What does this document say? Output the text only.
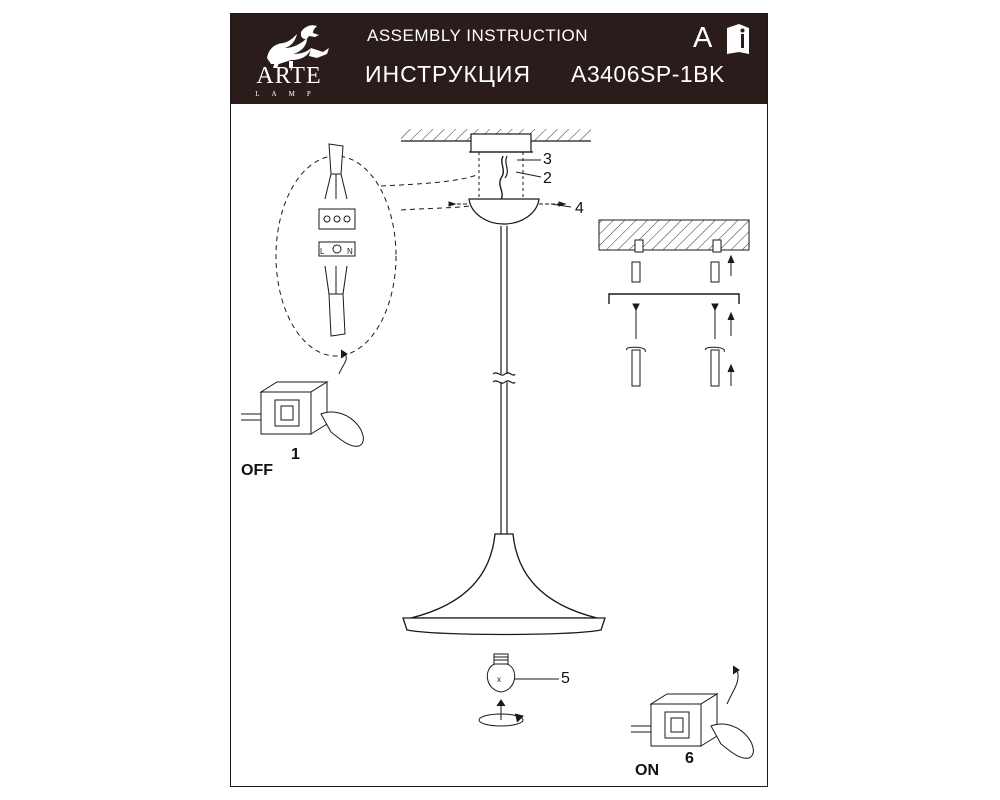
ARTE
LAMP
ASSEMBLY INSTRUCTION
ИНСТРУКЦИЯ A3406SP-1BK
A
x
L	N
3
2
4
5
OFF
1
ON
6
